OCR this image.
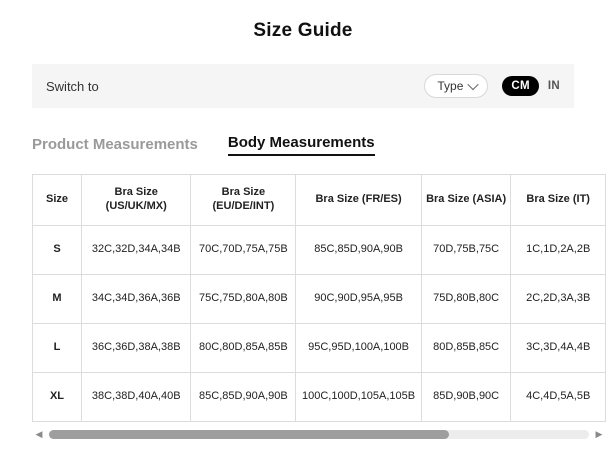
Size Guide
Switch to	Type	CM	IN
Product Measurements Body Measurements
Size	Bra Size (US/UK/MX)	Bra Size (EU/DE/INT)	Bra Size (FR/ES)	Bra Size (ASIA)	Bra Size (IT)
S	32C,32D,34A,34B	70C,70D,75A,75B	85C,85D,90A,90B	70D,75B,75C	1C,1D,2A,2B
M	34C,34D,36A,36B	75C,75D,80A,80B	90C,90D,95A,95B	75D,80B,80C	2C,2D,3A,3B
L	36C,36D,38A,38B	80C,80D,85A,85B	95C,95D,100A,100B	80D,85B,85C	3C,3D,4A,4B
XL	38C,38D,40A,40B	85C,85D,90A,90B	100C,100D,105A,105B	85D,90B,90C	4C,4D,5A,5B
◀	▶
